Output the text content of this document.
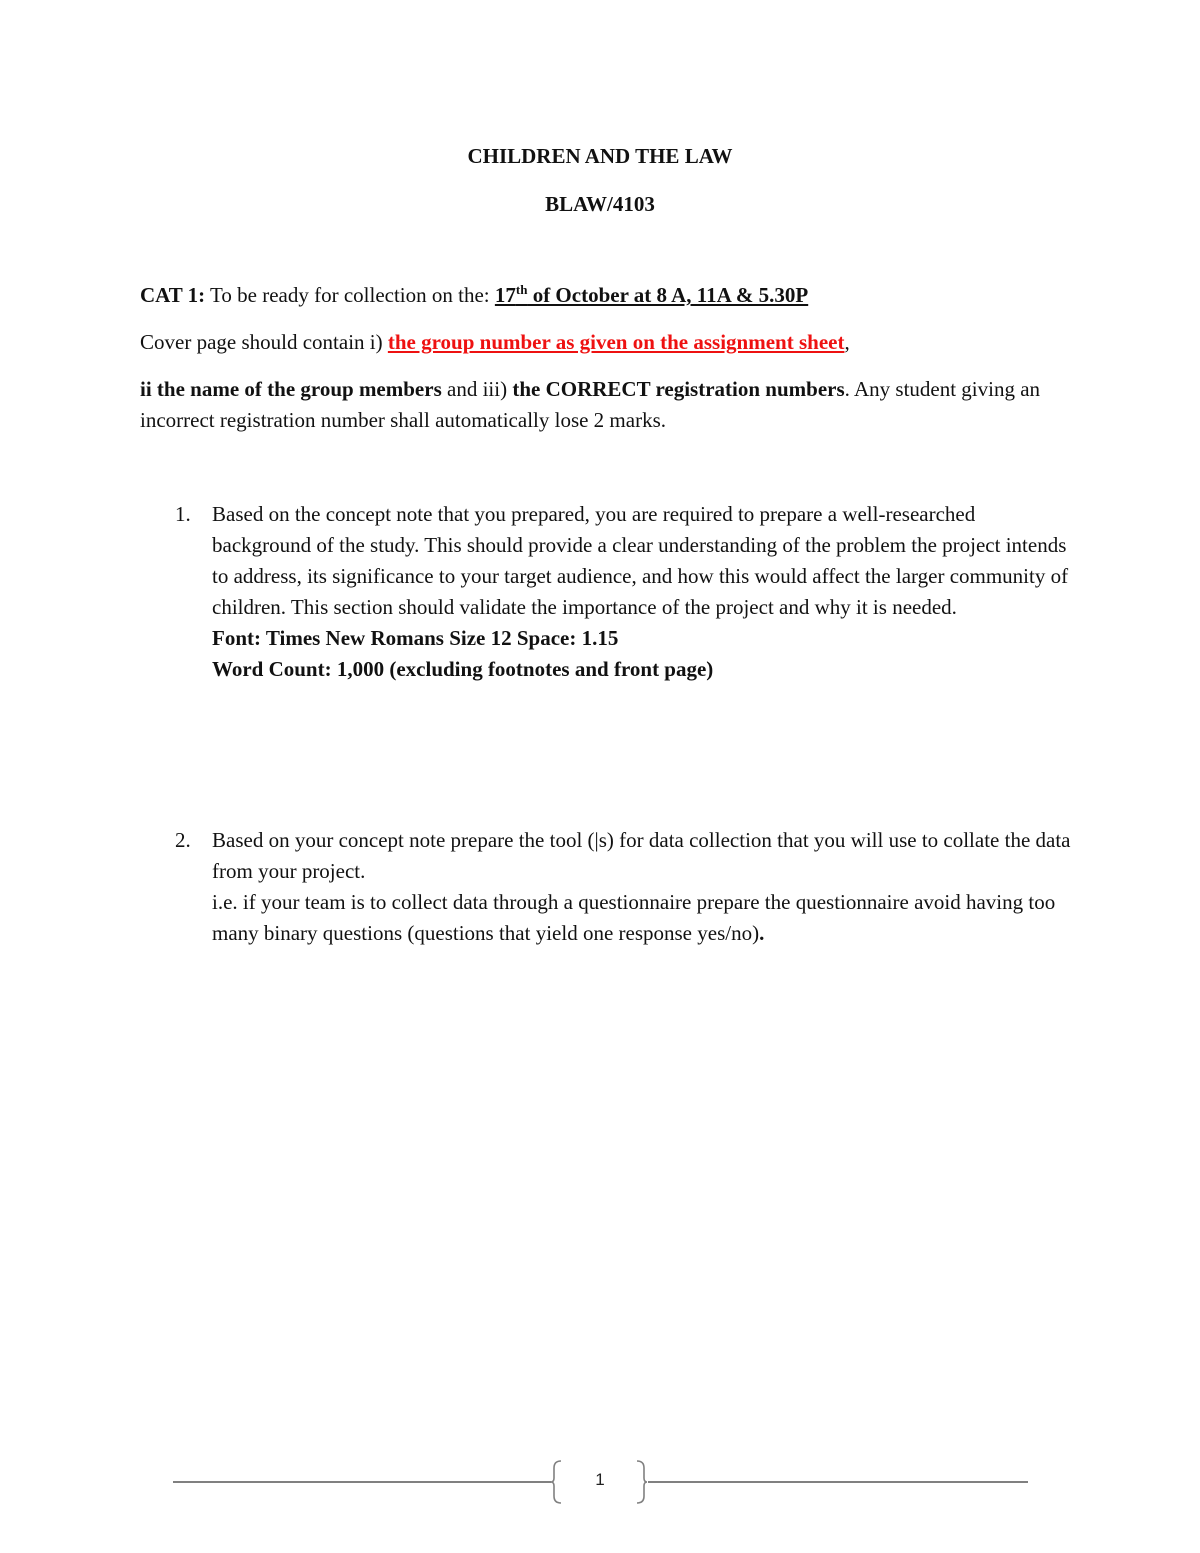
CHILDREN AND THE LAW
BLAW/4103
CAT 1: To be ready for collection on the: 17th of October at 8 A, 11A & 5.30P
Cover page should contain i) the group number as given on the assignment sheet,
ii the name of the group members and iii) the CORRECT registration numbers. Any student giving an incorrect registration number shall automatically lose 2 marks.
1. Based on the concept note that you prepared, you are required to prepare a well-researched background of the study. This should provide a clear understanding of the problem the project intends to address, its significance to your target audience, and how this would affect the larger community of children. This section should validate the importance of the project and why it is needed.
Font: Times New Romans Size 12 Space: 1.15
Word Count: 1,000 (excluding footnotes and front page)
2. Based on your concept note prepare the tool (|s) for data collection that you will use to collate the data from your project.
i.e. if your team is to collect data through a questionnaire prepare the questionnaire avoid having too many binary questions (questions that yield one response yes/no).
1
